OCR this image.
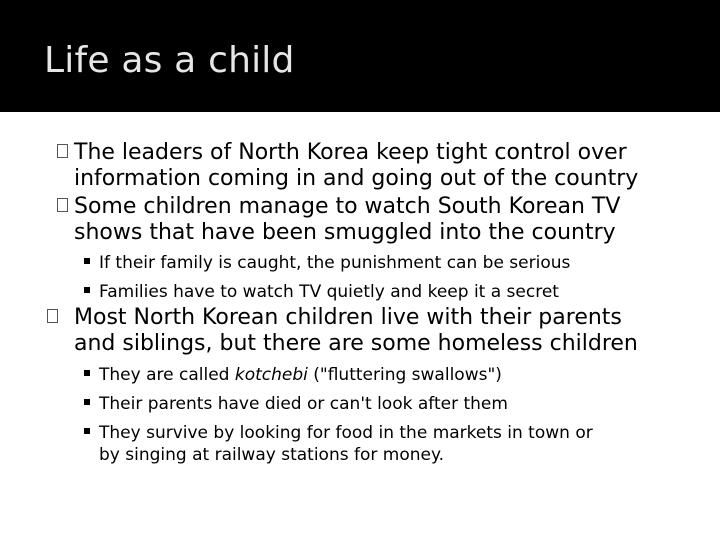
Life as a child
The leaders of North Korea keep tight control over
information coming in and going out of the country
Some children manage to watch South Korean TV
shows that have been smuggled into the country
If their family is caught, the punishment can be serious
Families have to watch TV quietly and keep it a secret
Most North Korean children live with their parents
and siblings, but there are some homeless children
They are called kotchebi ("fluttering swallows")
Their parents have died or can't look after them
They survive by looking for food in the markets in town or
by singing at railway stations for money.
